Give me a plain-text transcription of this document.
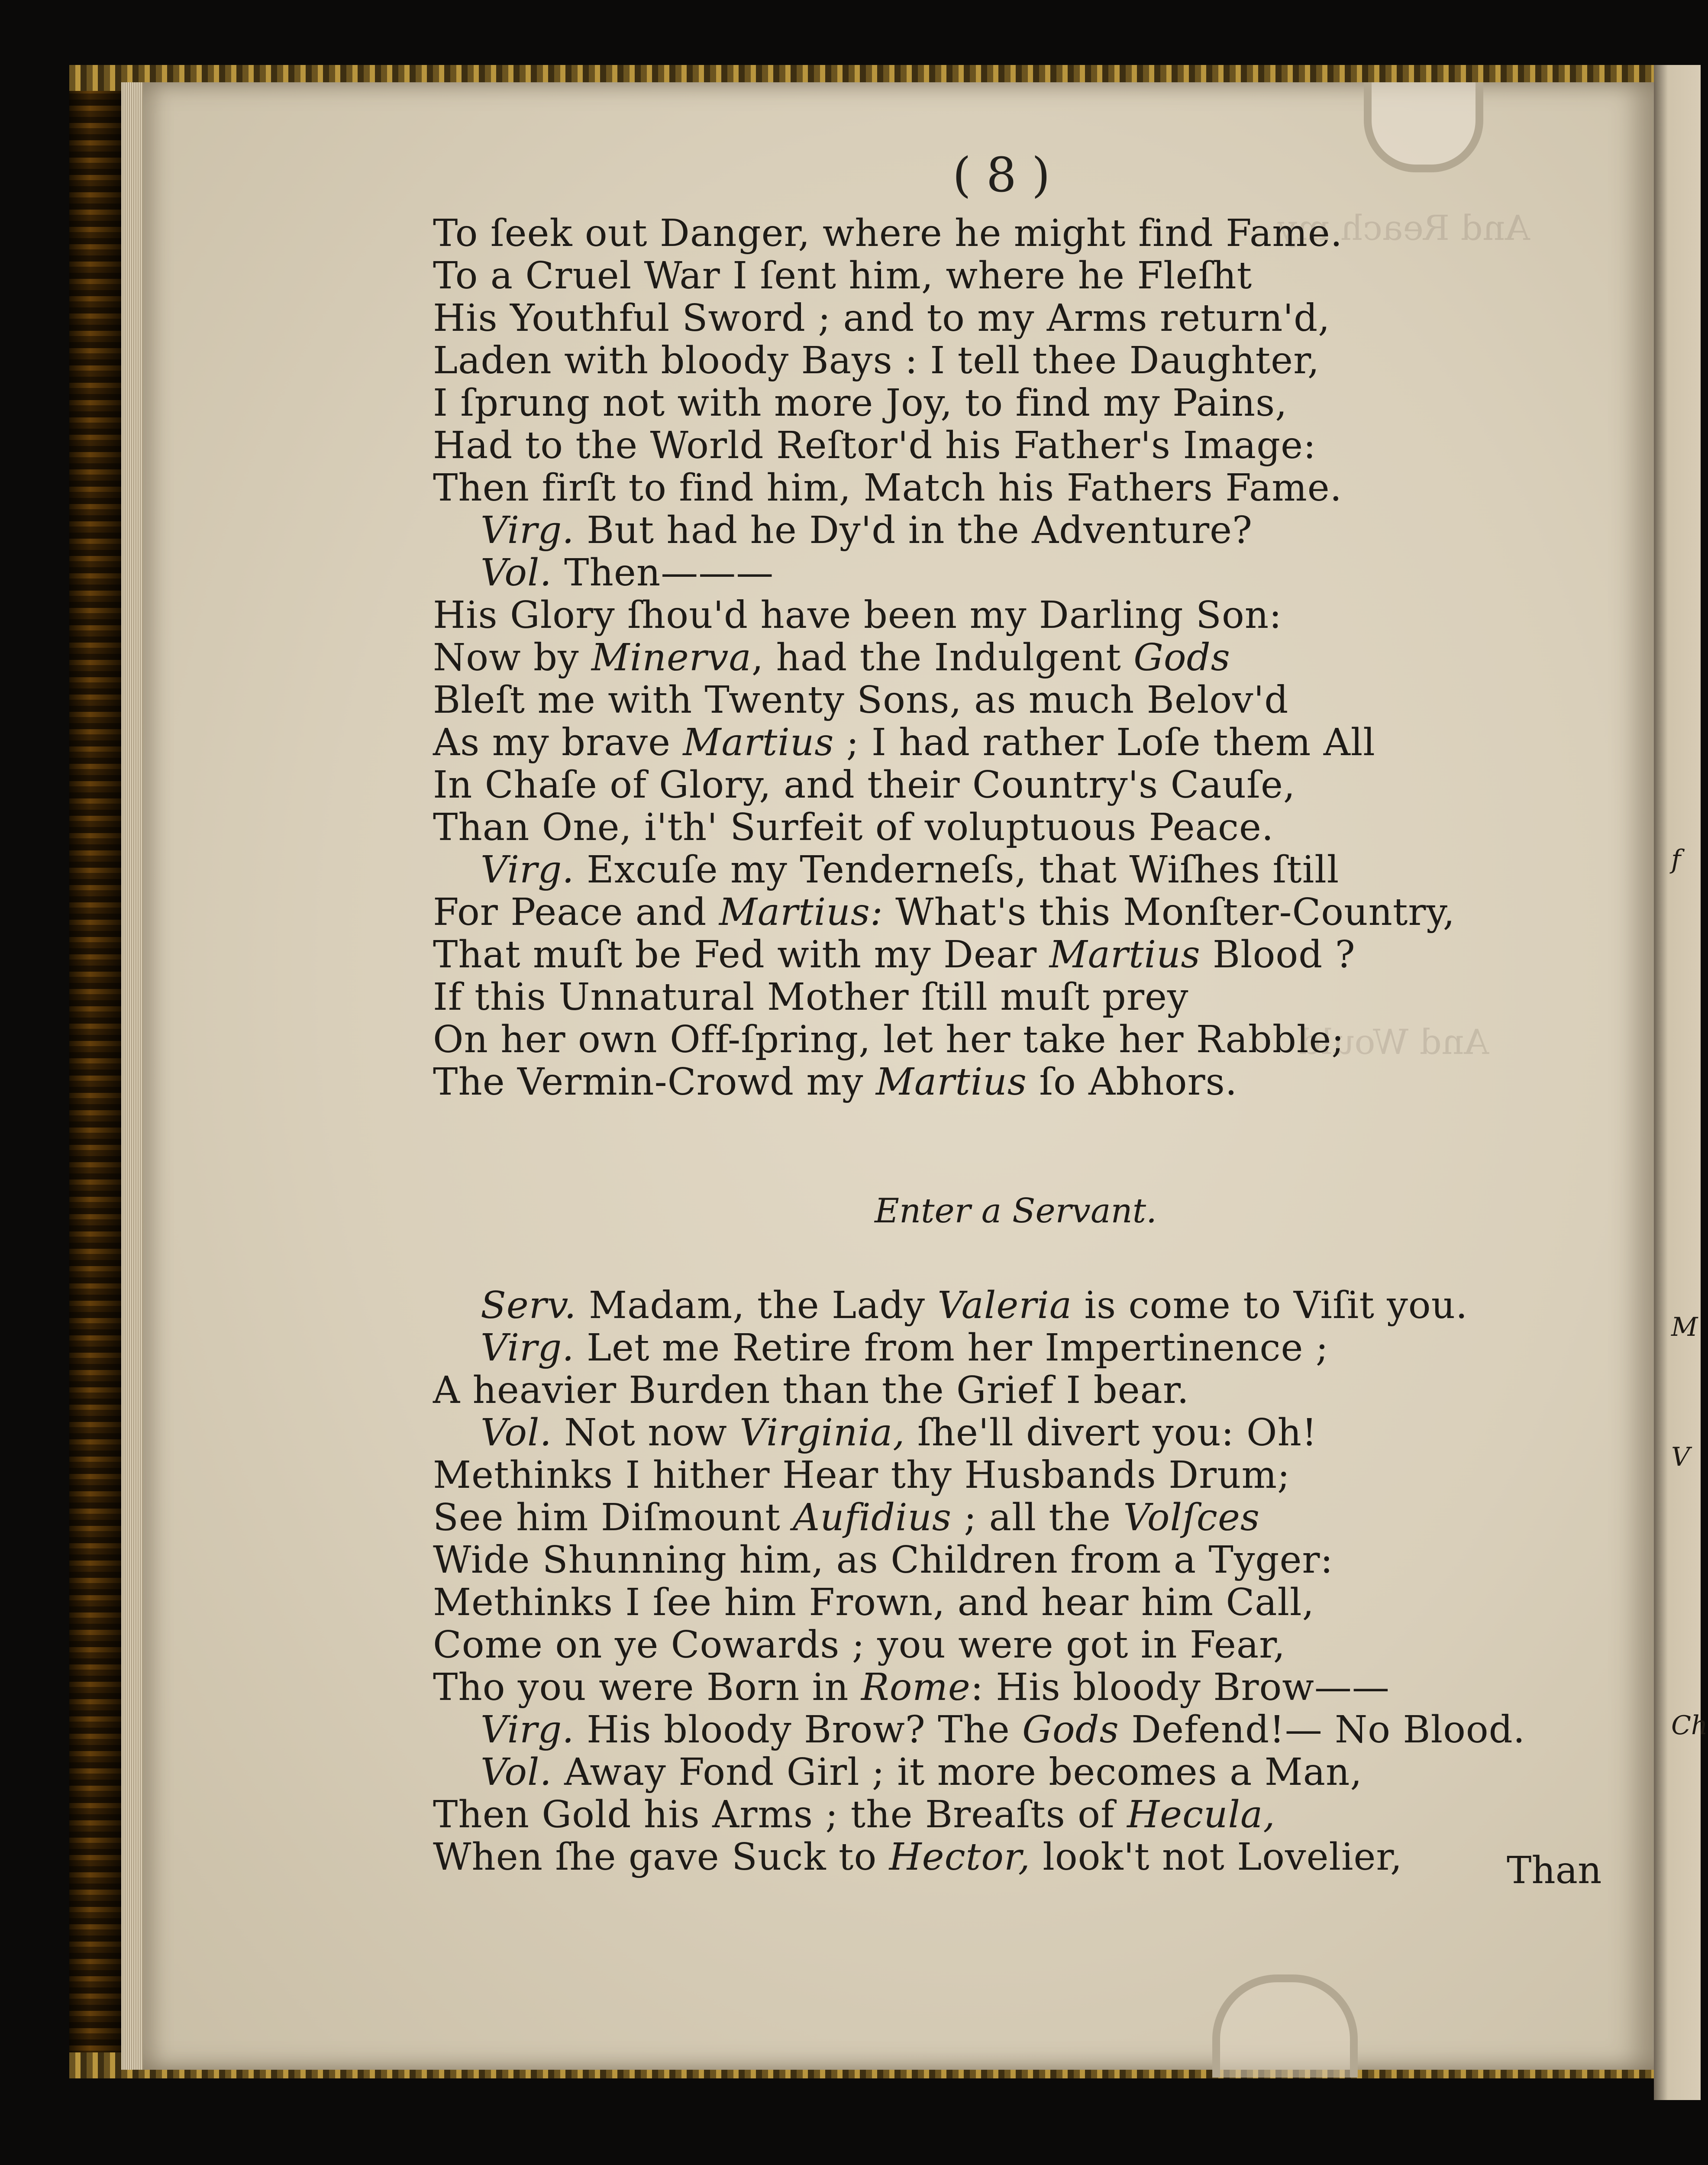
f
M
V
Ch
And Reach my
And Would
( 8 )
To ſeek out Danger, where he might find Fame.
To a Cruel War I ſent him, where he Fleſht
His Youthful Sword ; and to my Arms return'd,
Laden with bloody Bays : I tell thee Daughter,
I ſprung not with more Joy, to find my Pains,
Had to the World Reſtor'd his Father's Image:
Then firſt to find him, Match his Fathers Fame.
Virg. But had he Dy'd in the Adventure?
Vol. Then———
His Glory ſhou'd have been my Darling Son:
Now by Minerva, had the Indulgent Gods
Bleſt me with Twenty Sons, as much Belov'd
As my brave Martius ; I had rather Loſe them All
In Chaſe of Glory, and their Country's Cauſe,
Than One, i'th' Surfeit of voluptuous Peace.
Virg. Excuſe my Tenderneſs, that Wiſhes ſtill
For Peace and Martius: What's this Monſter-Country,
That muſt be Fed with my Dear Martius Blood ?
If this Unnatural Mother ſtill muſt prey
On her own Off-ſpring, let her take her Rabble;
The Vermin-Crowd my Martius ſo Abhors.
Enter a Servant.
Serv. Madam, the Lady Valeria is come to Viſit you.
Virg. Let me Retire from her Impertinence ;
A heavier Burden than the Grief I bear.
Vol. Not now Virginia, ſhe'll divert you: Oh!
Methinks I hither Hear thy Husbands Drum;
See him Diſmount Aufidius ; all the Volſces
Wide Shunning him, as Children from a Tyger:
Methinks I ſee him Frown, and hear him Call,
Come on ye Cowards ; you were got in Fear,
Tho you were Born in Rome: His bloody Brow——
Virg. His bloody Brow? The Gods Defend!— No Blood.
Vol. Away Fond Girl ; it more becomes a Man,
Then Gold his Arms ; the Breaſts of Hecula,
When ſhe gave Suck to Hector, look't not Lovelier,	Than
